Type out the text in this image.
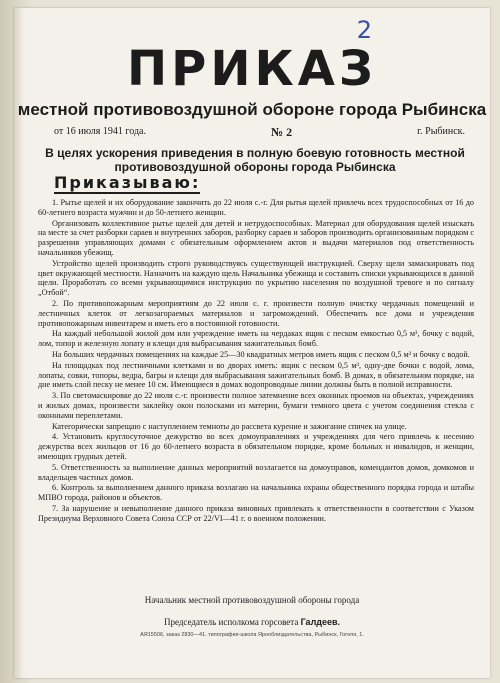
2
ПРИКАЗ
местной противовоздушной обороне города Рыбинска
от 16 июля 1941 года.	№ 2	г. Рыбинск.
В целях ускорения приведения в полную боевую готовность местной противовоздушной обороны города Рыбинска
Приказываю:

1. Рытье щелей и их оборудование закончить до 22 июля с.-г. Для рытья щелей привлечь всех трудоспособных от 16 до 60-летнего возраста мужчин и до 50-летнего женщин.

Организовать коллективное рытье щелей для детей и нетрудоспособных. Материал для оборудования щелей изыскать на месте за счет разборки сараев и внутренних заборов, разборку сараев и заборов производить организованным порядком с разрешения управляющих домами с обязательным оформлением актов и выдачи материалов под ответственность начальников убежищ.

Устройство щелей производить строго руководствуясь существующей инструкцией. Сверху щели замаскировать под цвет окружающей местности. Назначить на каждую щель Начальника убежища и составить списки укрывающихся в данной щели. Проработать со всеми укрывающимися инструкцию по укрытию населения по воздушной тревоге и по сигналу „Отбой“.

2. По противопожарным мероприятиям до 22 июля с. г. произвести полную очистку чердачных помещений и лестничных клеток от легкозагораемых материалов и загромождений. Обеспечить все дома и учреждения противопожарным инвентарем и иметь его в постоянной готовности.

На каждый небольшой жилой дом или учреждение иметь на чердаках ящик с песком емкостью 0,5 м³, бочку с водой, лом, топор и железную лопату и клещи для выбрасывания зажигательных бомб.

На больших чердачных помещениях на каждые 25—30 квадратных метров иметь ящик с песком 0,5 м³ и бочку с водой.

На площадках под лестничными клетками и во дворах иметь: ящик с песком 0,5 м³, одну-две бочки с водой, лома, лопаты, совки, топоры, ведра, багры и клещи для выбрасывания зажигательных бомб. В домах, в обязательном порядке, на дне иметь слой песку не менее 10 см. Имеющиеся в домах водопроводные линии должны быть в полной исправности.

3. По светомаскировке до 22 июля с.-г. произвести полное затемнение всех оконных проемов на объектах, учреждениях и жилых домах, произвести заклейку окон полосками из материи, бумаги темного цвета с учетом соединения стекла с оконными переплетами.

Категорически запрещаю с наступлением темноты до рассвета курение и зажигание спичек на улице.

4. Установить круглосуточное дежурство во всех домоуправлениях и учреждениях для чего привлечь к несению дежурства всех жильцов от 16 до 60-летнего возраста в обязательном порядке, кроме больных и инвалидов, и женщин, имеющих грудных детей.

5. Ответственность за выполнение данных мероприятий возлагается на домоуправов, комендантов домов, домкомов и владельцев частных домов.

6. Контроль за выполнением данного приказа возлагаю на начальника охраны общественного порядка города и штабы МПВО города, районов и объектов.

7. За нарушение и невыполнение данного приказа виновных привлекать к ответственности в соответствии с Указом Президиума Верховного Совета Союза ССР от 22/VI—41 г. о военном положении.

Начальник местной противовоздушной обороны города
Председатель исполкома горсовета Галдеев.
АЯ15506, заказ 2830—41. типография-школа Ярооблиздательства, Рыбинск, Гоголя, 1.
